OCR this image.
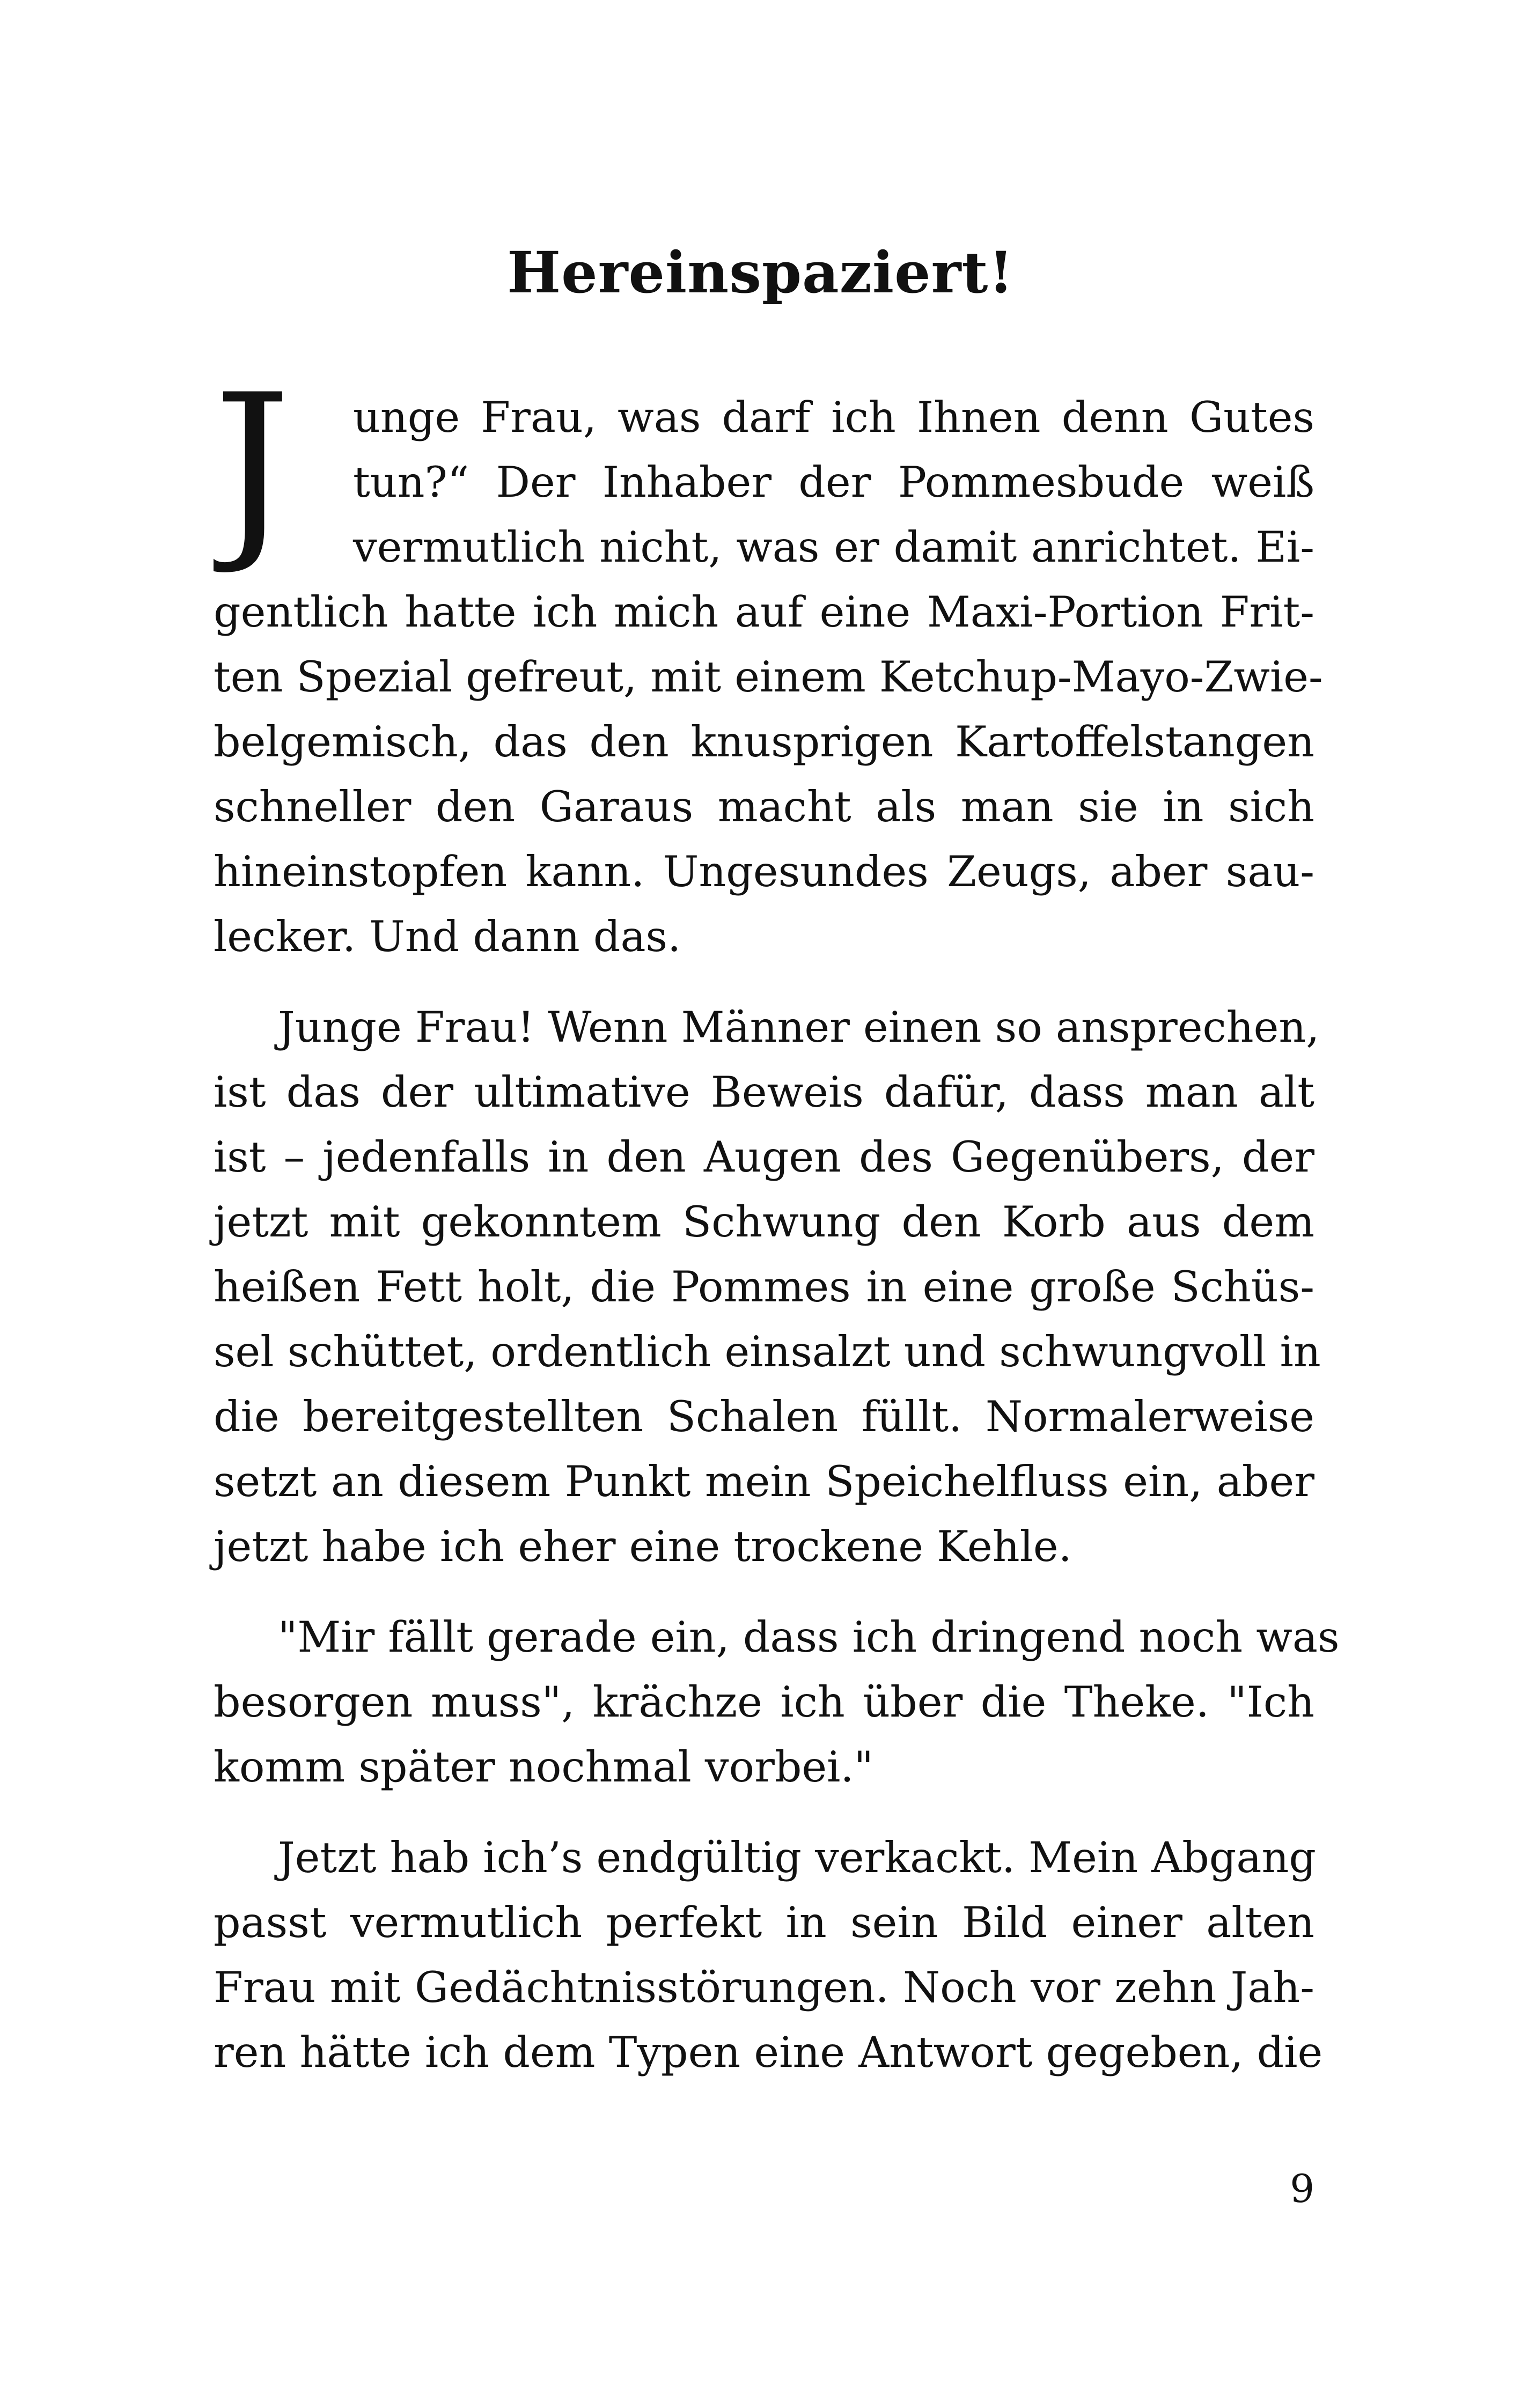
Hereinspaziert!
J	unge Frau, was darf ich Ihnen denn Gutes
tun?“ Der Inhaber der Pommesbude weiß
vermutlich nicht, was er damit anrichtet. Ei-
gentlich hatte ich mich auf eine Maxi-Portion Frit-
ten Spezial gefreut, mit einem Ketchup-Mayo-Zwie-
belgemisch, das den knusprigen Kartoffelstangen
schneller den Garaus macht als man sie in sich
hineinstopfen kann. Ungesundes Zeugs, aber sau-
lecker. Und dann das.
Junge Frau! Wenn Männer einen so ansprechen,
ist das der ultimative Beweis dafür, dass man alt
ist – jedenfalls in den Augen des Gegenübers, der
jetzt mit gekonntem Schwung den Korb aus dem
heißen Fett holt, die Pommes in eine große Schüs-
sel schüttet, ordentlich einsalzt und schwungvoll in
die bereitgestellten Schalen füllt. Normalerweise
setzt an diesem Punkt mein Speichelfluss ein, aber
jetzt habe ich eher eine trockene Kehle.
"Mir fällt gerade ein, dass ich dringend noch was
besorgen muss", krächze ich über die Theke. "Ich
komm später nochmal vorbei."
Jetzt hab ich’s endgültig verkackt. Mein Abgang
passt vermutlich perfekt in sein Bild einer alten
Frau mit Gedächtnisstörungen. Noch vor zehn Jah-
ren hätte ich dem Typen eine Antwort gegeben, die
9
